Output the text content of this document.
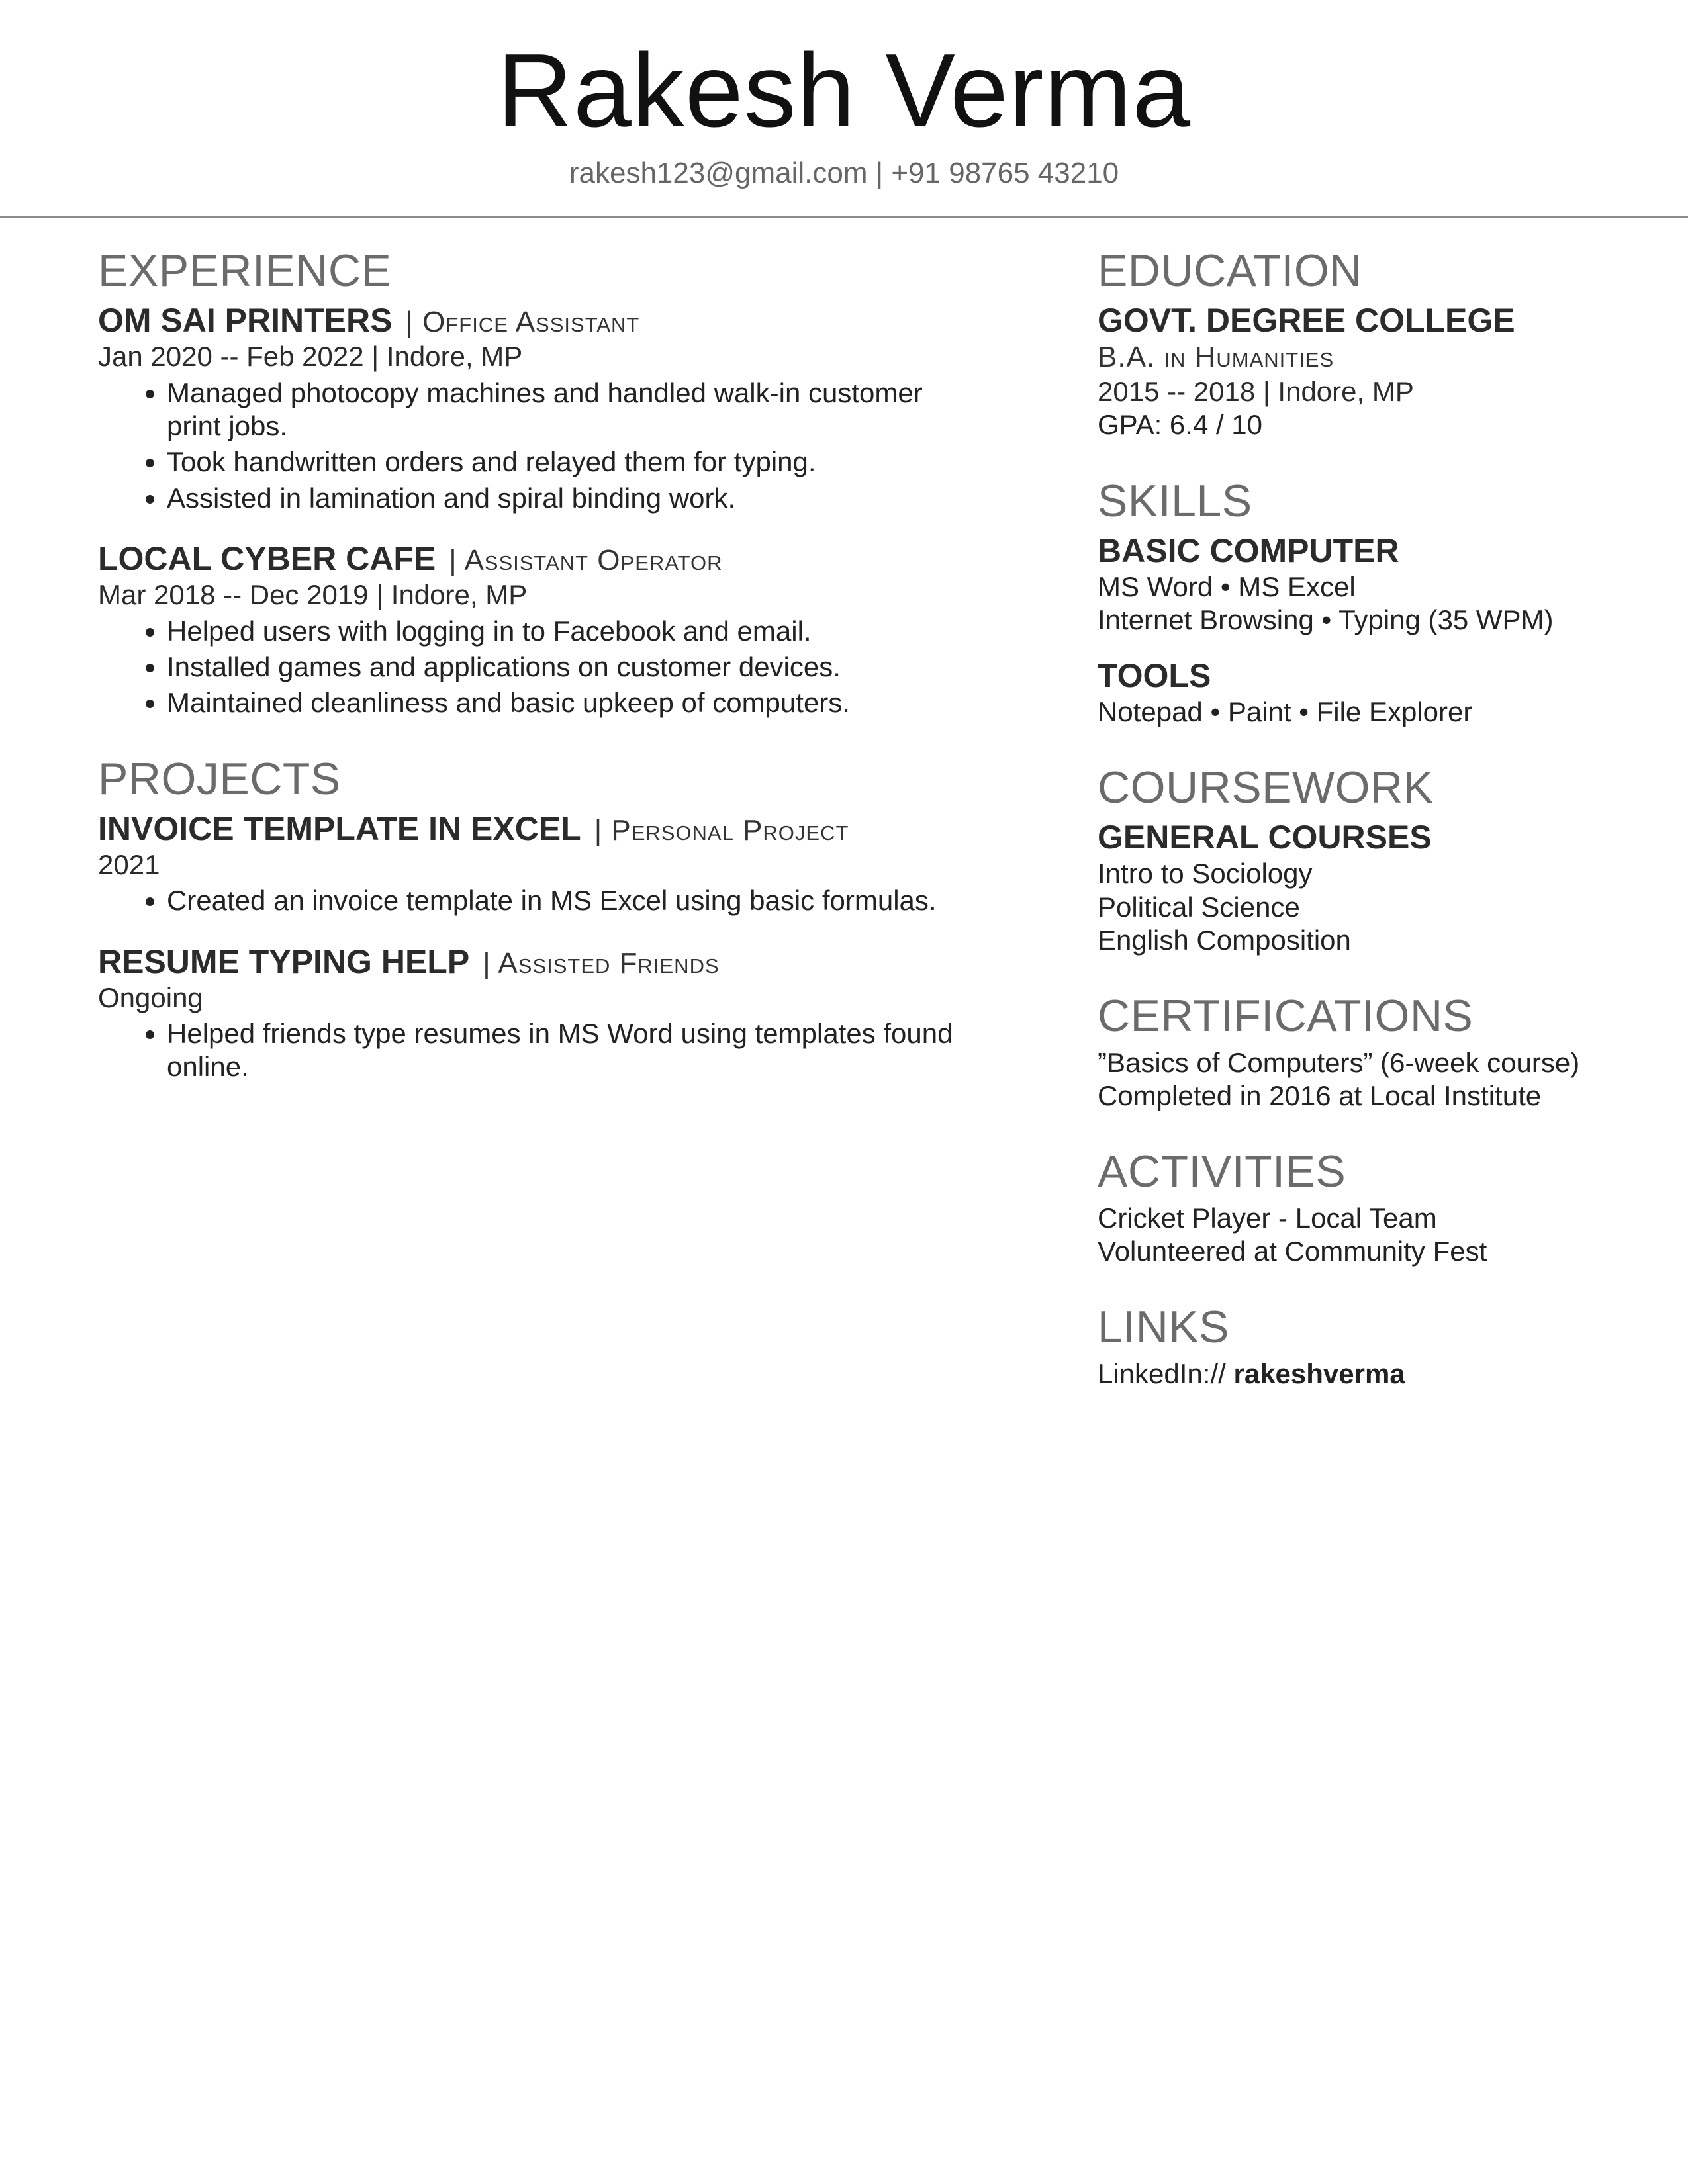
Rakesh Verma
rakesh123@gmail.com | +91 98765 43210
EXPERIENCE
OM SAI PRINTERS | Office Assistant
Jan 2020 -- Feb 2022 | Indore, MP
• Managed photocopy machines and handled walk-in customer print jobs.
• Took handwritten orders and relayed them for typing.
• Assisted in lamination and spiral binding work.
LOCAL CYBER CAFE | Assistant Operator
Mar 2018 -- Dec 2019 | Indore, MP
• Helped users with logging in to Facebook and email.
• Installed games and applications on customer devices.
• Maintained cleanliness and basic upkeep of computers.
PROJECTS
INVOICE TEMPLATE IN EXCEL | Personal Project
2021
• Created an invoice template in MS Excel using basic formulas.
RESUME TYPING HELP | Assisted Friends
Ongoing
• Helped friends type resumes in MS Word using templates found online.
EDUCATION
GOVT. DEGREE COLLEGE
B.A. in Humanities
2015 -- 2018 | Indore, MP
GPA: 6.4 / 10
SKILLS
BASIC COMPUTER
MS Word • MS Excel
Internet Browsing • Typing (35 WPM)
TOOLS
Notepad • Paint • File Explorer
COURSEWORK
GENERAL COURSES
Intro to Sociology
Political Science
English Composition
CERTIFICATIONS
”Basics of Computers” (6-week course)
Completed in 2016 at Local Institute
ACTIVITIES
Cricket Player - Local Team
Volunteered at Community Fest
LINKS
LinkedIn:// rakeshverma
